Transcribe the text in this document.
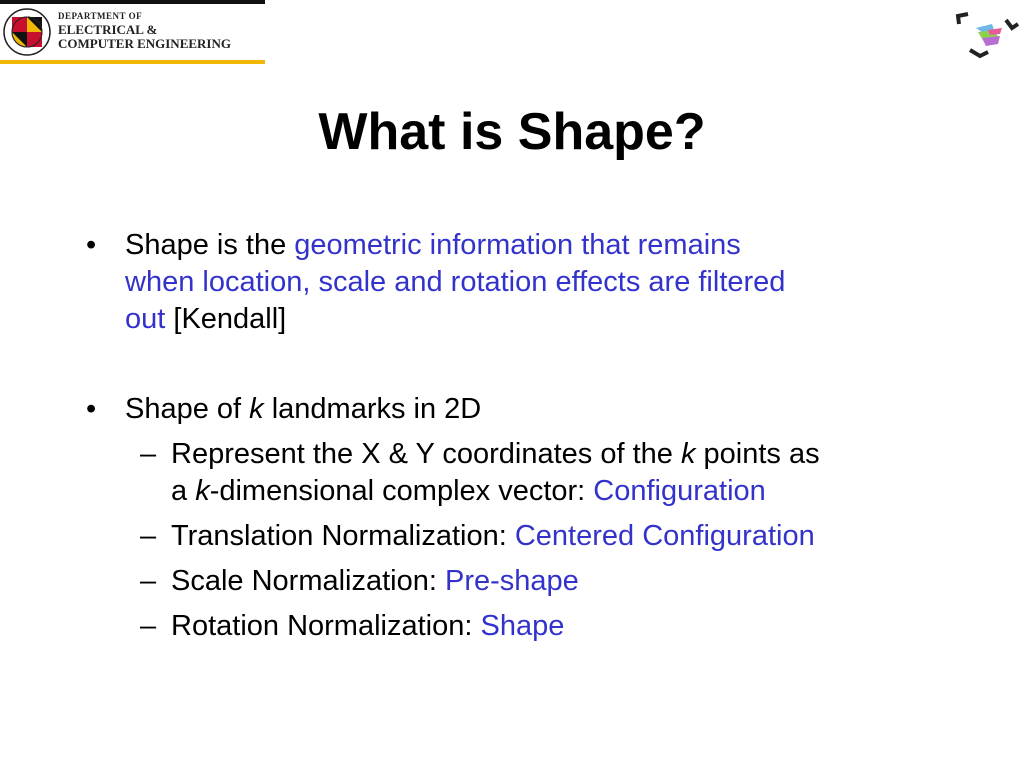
DEPARTMENT OF
ELECTRICAL &
COMPUTER ENGINEERING
What is Shape?
• Shape is the geometric information that remains
when location, scale and rotation effects are filtered
out [Kendall]
• Shape of k landmarks in 2D
– Represent the X & Y coordinates of the k points as
a k-dimensional complex vector: Configuration
– Translation Normalization: Centered Configuration
– Scale Normalization: Pre-shape
– Rotation Normalization: Shape
